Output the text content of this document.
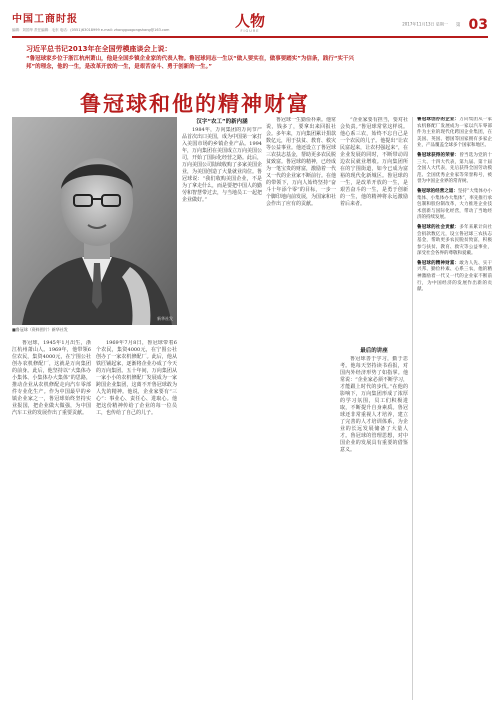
中国工商时报
编辑：刘国华 责任编辑：毛东 电话：(0551)63018999 e-mail: zhongguogongshang@163.com	人物
FIGURE
2017年11月13日 星期一 第 03
习近平总书记2013年在全国劳模座谈会上说：
“鲁冠球家乡位于浙江杭州萧山，他是全国乡镇企业家的代表人物。鲁冠球同志一生以“做人要实在，做事要踏实”为信条，践行“实干兴邦”的理念，他的一生，是改革开放的一生，是艰苦奋斗、勇于创新的一生。”
鲁冠球和他的精神财富
新华社发
■鲁冠球（资料图片）新华社发
鲁冠球，1945年1月出生，浙江杭州萧山人。1969年，他带领6位农民，集资4000元，在宁围公社创办农机修配厂，这就是万向集团的前身。此后，他坚持以“大集体办小集体、小集体办大集体”的思路，推动企业从农机修配走向汽车零部件专业化生产。作为中国最早的乡镇企业家之一，鲁冠球始终坚持实业报国，把企业做大做强，为中国汽车工业的发展作出了重要贡献。
1969年7月8日，鲁冠球带着6个农民，集资4000元，在宁围公社创办了一家农机修配厂。此后，他从铁匠铺起家，逐渐将企业办成了今天的万向集团。五十年间，万向集团从一家小小的农机修配厂发展成为一家跨国企业集团，这离不开鲁冠球敢为人先的精神。他说，企业家要有“三心”：事业心、责任心、进取心。他把这份精神传给了企业的每一位员工，也传给了自己的儿子。
汉字“农工”的新内涵
1984年，万向集团的万向节产品首次出口美国，成为中国第一家打入美国市场的乡镇企业产品。1994年，万向集团在美国成立万向美国公司，开始了国际化经营之路。此后，万向美国公司陆续收购了多家美国企业，为美国创造了大量就业岗位。鲁冠球说：“我们收购美国企业，不是为了拿走什么，而是要把中国人的勤劳和智慧带过去，与当地员工一起把企业做好。”
鲁冠球一生勤俭朴素。他常说，钱多了，要拿出来回报社会。多年来，万向集团累计捐款数亿元，用于扶贫、教育、救灾等公益事业。他还设立了鲁冠球三农扶志基金，帮助更多农民脱贫致富。鲁冠球的精神，已经成为一笔宝贵的财富，激励着一代又一代的企业家不断前行。在他的带领下，万向人始终坚持“奋斗十年添个零”的目标，一步一个脚印地向前发展，为国家和社会作出了应有的贡献。
“企业家要有担当，要对社会负责。”鲁冠球常常这样说。他心系三农，始终不忘自己是一个农民的儿子。他提出“让农民富起来，让农村强起来”，在企业发展的同时，不断带动周边农民就业增收。万向集团所在的宁围街道，如今已成为富裕的现代化新城区。鲁冠球的一生，是改革开放的一生，是艰苦奋斗的一生，是勇于创新的一生，他的精神将永远激励着后来者。
最后的讲座
鲁冠球善于学习，勤于思考。他每天坚持读书看报，对国内外经济形势了如指掌。他常说：“企业家必须不断学习，才能跟上时代的步伐。”在他的影响下，万向集团形成了浓厚的学习氛围，员工们积极进取，不断提升自身素质。鲁冠球还非常重视人才培养，建立了完善的人才培训体系，为企业的长远发展储备了大量人才。鲁冠球的管理思想，对中国企业的发展具有重要的借鉴意义。

鲁冠球创办的企业：万向集团从一家农机修配厂发展成为一家以汽车零部件为主业的现代化跨国企业集团，在美国、英国、德国等国家拥有多家企业，产品覆盖全球多个国家和地区。

鲁冠球获得的荣誉：曾当选为党的十三大、十四大代表，第九届、第十届全国人大代表，先后获得全国劳动模范、全国优秀企业家等荣誉称号，被誉为中国企业界的常青树。

鲁冠球的经营之道：坚持“大集体办小集体、小集体办大集体”，率先推行承包制和股份制改革，大力推进企业技术创新与国际化经营，带动了当地经济的持续发展。

鲁冠球的社会贡献：多年来累计向社会捐款数亿元，设立鲁冠球三农扶志基金，帮助更多农民脱贫致富，积极参与扶贫、教育、救灾等公益事业，深受社会各界的尊敬和爱戴。

鲁冠球的精神财富：敢为人先、实干兴邦、勤俭朴素、心系三农，他的精神激励着一代又一代的企业家不断前行，为中国经济的发展作出新的贡献。
